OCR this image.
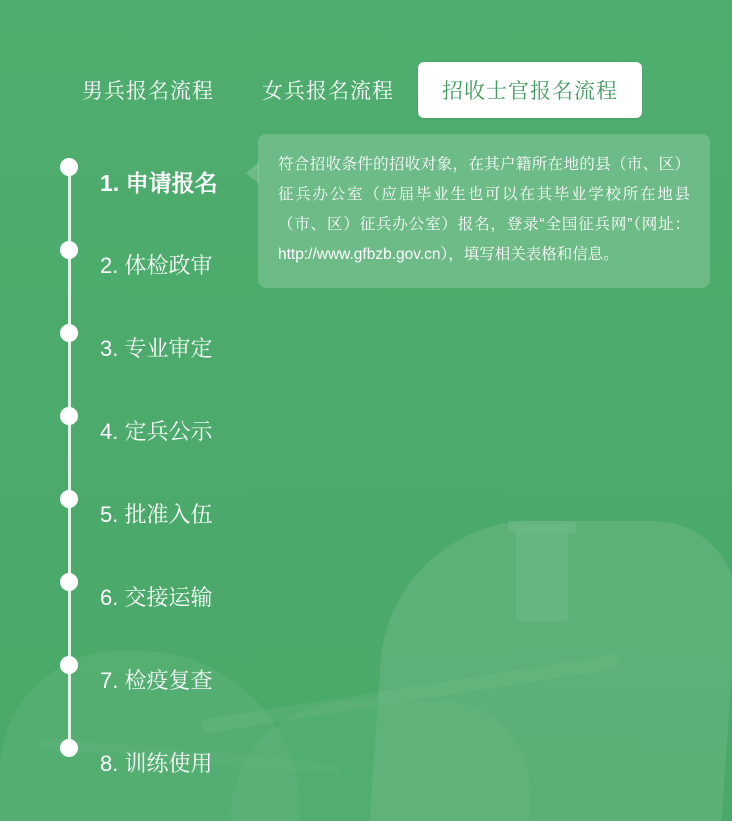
男兵报名流程	女兵报名流程	招收士官报名流程
1. 申请报名
2. 体检政审
3. 专业审定
4. 定兵公示
5. 批准入伍
6. 交接运输
7. 检疫复查
8. 训练使用
符合招收条件的招收对象，在其户籍所在地的县（市、区）征兵办公室（应届毕业生也可以在其毕业学校所在地县（市、区）征兵办公室）报名，登录“全国征兵网”（网址：http://www.gfbzb.gov.cn），填写相关表格和信息。
